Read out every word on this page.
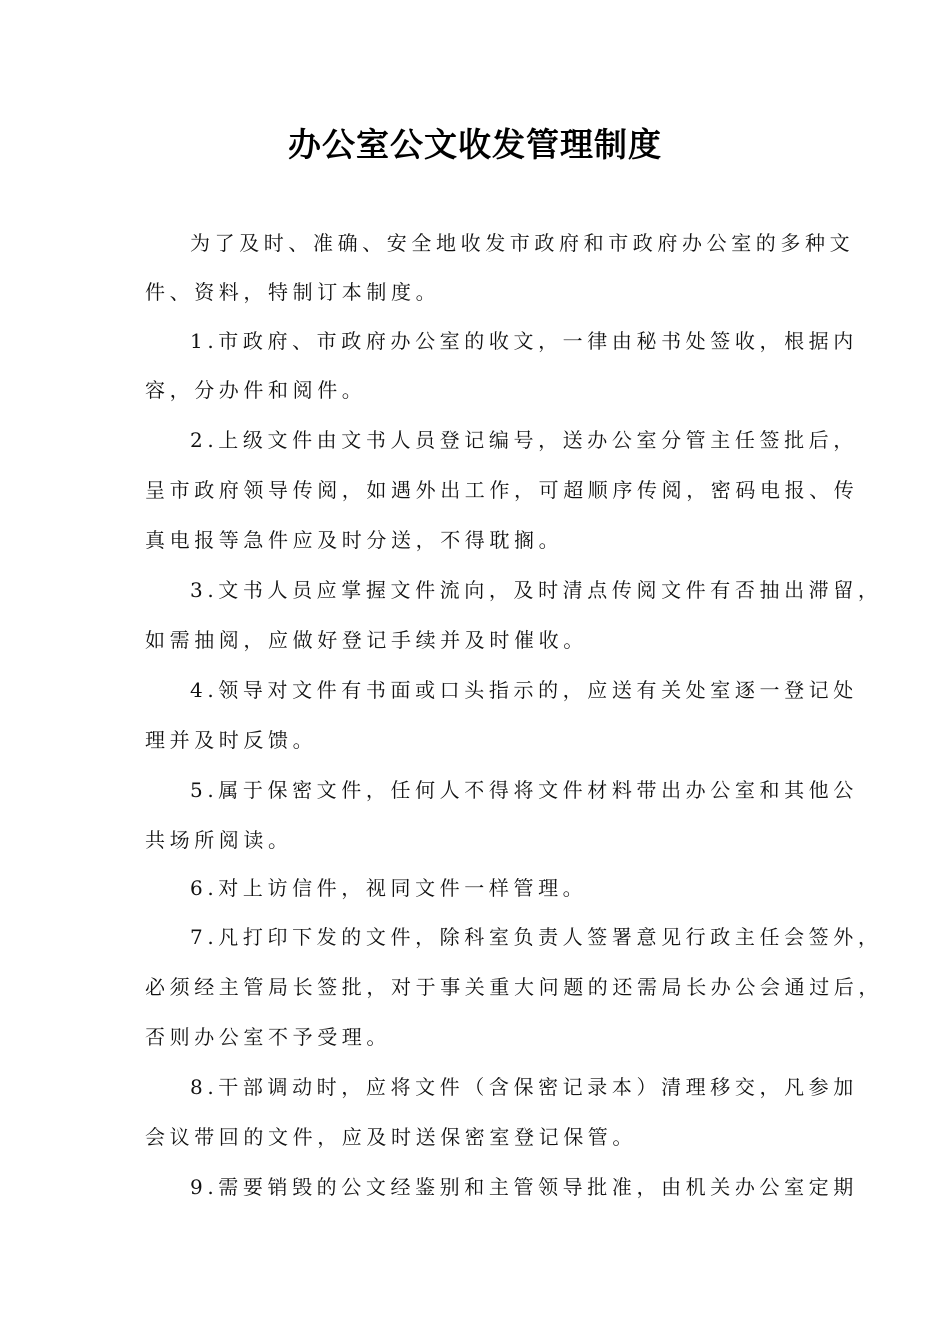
办公室公文收发管理制度
为了及时、准确、安全地收发市政府和市政府办公室的多种文
件、资料，特制订本制度。
1.市政府、市政府办公室的收文，一律由秘书处签收，根据内
容，分办件和阅件。
2.上级文件由文书人员登记编号，送办公室分管主任签批后，
呈市政府领导传阅，如遇外出工作，可超顺序传阅，密码电报、传
真电报等急件应及时分送，不得耽搁。
3.文书人员应掌握文件流向，及时清点传阅文件有否抽出滞留，
如需抽阅，应做好登记手续并及时催收。
4.领导对文件有书面或口头指示的，应送有关处室逐一登记处
理并及时反馈。
5.属于保密文件，任何人不得将文件材料带出办公室和其他公
共场所阅读。
6.对上访信件，视同文件一样管理。
7.凡打印下发的文件，除科室负责人签署意见行政主任会签外，
必须经主管局长签批，对于事关重大问题的还需局长办公会通过后，
否则办公室不予受理。
8.干部调动时，应将文件（含保密记录本）清理移交，凡参加
会议带回的文件，应及时送保密室登记保管。
9.需要销毁的公文经鉴别和主管领导批准，由机关办公室定期
